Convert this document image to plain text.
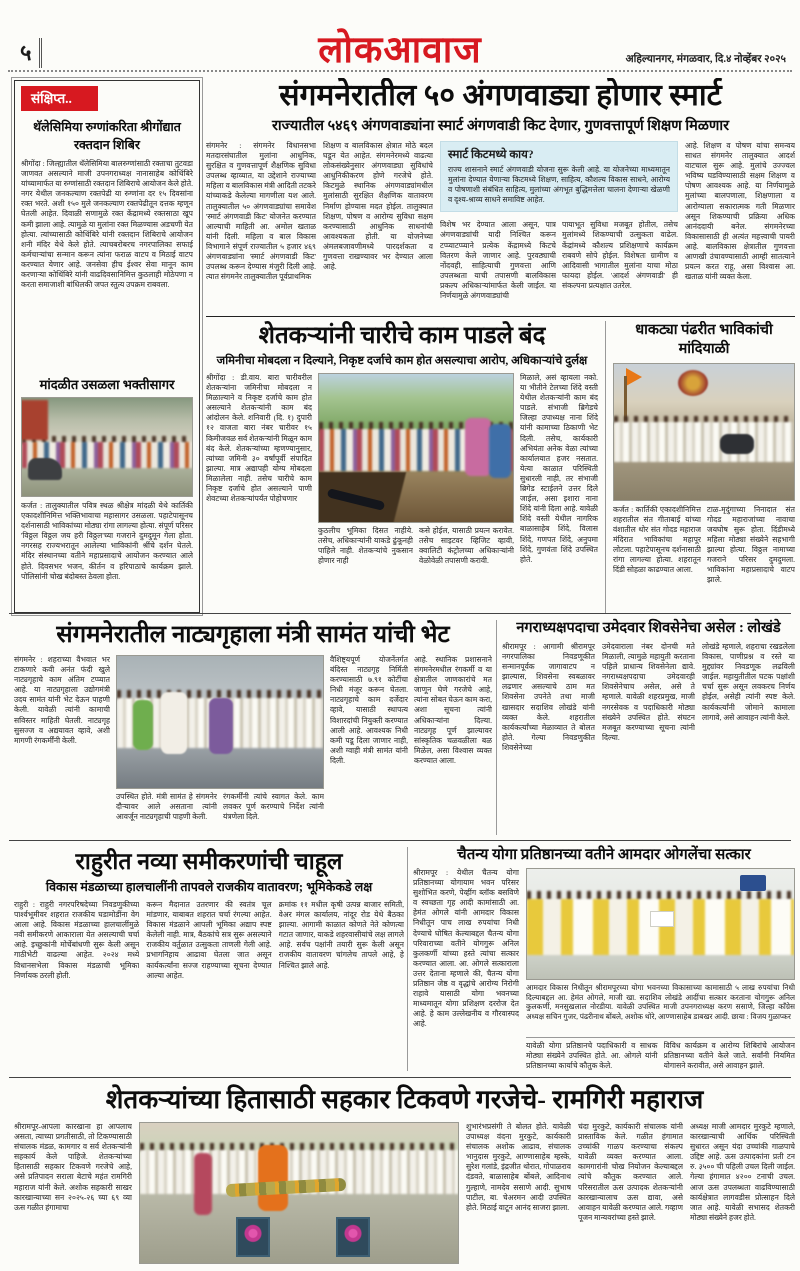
५	लोकआवाज	अहिल्यानगर, मंगळवार, दि.४ नोव्हेंबर २०२५
संक्षिप्त..
थॅलेसिमिया रुग्णांकरिता श्रीगोंद्यात रक्तदान शिबिर
श्रीगोंदा : जिल्ह्यातील थॅलेसिमिया बालरुग्णांसाठी रक्ताचा तुटवडा जाणवत असल्याने माजी उपनगराध्यक्ष नानासाहेब कोथिंबिरे यांच्यामार्फत या रुग्णांसाठी रक्तदान शिबिराचे आयोजन केले होते. नगर येथील जनकल्याण रक्तपेढी या रुग्णांना दर १५ दिवसांना रक्त भरते. अशी १५० मुले जनकल्याण रक्तपेढीतून दत्तक म्हणून घेतली आहेत. दिवाळी सणामुळे रक्त केंद्रामध्ये रक्तसाठा खूप कमी झाला आहे. त्यामुळे या मुलांना रक्त मिळण्यास अडचणी येत होत्या. त्यांच्यासाठी कोथिंबिरे यांनी रक्तदान शिबिराचे आयोजन शनी मंदिर येथे केले होते. त्याचबरोबरच नगरपालिका सफाई कर्मचाऱ्यांचा सन्मान करून त्यांना फराळ वाटप व मिठाई वाटप करण्यात येणार आहे. जनसेवा हीच ईश्वर सेवा मानून काम करणाऱ्या कोथिंबिरे यांनी वाढदिवसानिमित्त कुठलाही मोठेपणा न करता समाजाशी बांधिलकी जपत स्तुत्य उपक्रम राबवला.
मांदळीत उसळला भक्तीसागर
कर्जत : तालुक्यातील पवित्र स्थळ श्रीक्षेत्र मांदळी येथे कार्तिकी एकादशीनिमित्त भक्तिभावाचा महासागर उसळला. पहाटेपासूनच दर्शनासाठी भाविकांच्या मोठ्या रांगा लागल्या होत्या. संपूर्ण परिसर 'विठ्ठल विठ्ठल जय हरी विठ्ठल'च्या गजराने दुमदुमून गेला होता. नगरसह राज्यभरातून आलेल्या भाविकांनी श्रींचे दर्शन घेतले. मंदिर संस्थानच्या वतीने महाप्रसादाचे आयोजन करण्यात आले होते. दिवसभर भजन, कीर्तन व हरिपाठाचे कार्यक्रम झाले. पोलिसांनी चोख बंदोबस्त ठेवला होता.
संगमनेरातील ५० अंगणवाड्या होणार स्मार्ट
राज्यातील ५४६९ अंगणवाड्यांना स्मार्ट अंगणवाडी किट देणार, गुणवत्तापूर्ण शिक्षण मिळणार
संगमनेर : संगमनेर विधानसभा मतदारसंघातील मुलांना आधुनिक, सुरक्षित व गुणवत्तापूर्ण शैक्षणिक सुविधा उपलब्ध व्हाव्यात, या उद्देशाने राज्याच्या महिला व बालविकास मंत्री आदिती तटकरे यांच्याकडे केलेल्या मागणीला यश आले. तालुक्यातील ५० अंगणवाड्यांचा समावेश 'स्मार्ट अंगणवाडी किट' योजनेत करण्यात आल्याची माहिती आ. अमोल खताळ यांनी दिली. महिला व बाल विकास विभागाने संपूर्ण राज्यातील ५ हजार ४६९ अंगणवाड्यांना 'स्मार्ट अंगणवाडी किट' उपलब्ध करून देण्यास मंजुरी दिली आहे. त्यात संगमनेर तालुक्यातील पूर्वप्राथमिक
शिक्षण व बालविकास क्षेत्रात मोठे बदल घडून येत आहेत. संगमनेरमध्ये वाढत्या लोकसंख्येनुसार अंगणवाड्या सुविधांचे आधुनिकीकरण होणे गरजेचे होते. किटमुळे स्थानिक अंगणवाड्यांमधील मुलांसाठी सुरक्षित शैक्षणिक वातावरण निर्माण होण्यास मदत होईल. तालुक्यात शिक्षण, पोषण व आरोग्य सुविधा सक्षम करण्यासाठी आधुनिक साधनांची आवश्यकता होती. या योजनेच्या अंमलबजावणीमध्ये पारदर्शकता व गुणवत्ता राखण्यावर भर देण्यात आला आहे.
स्मार्ट किटमध्ये काय?
राज्य शासनाने स्मार्ट अंगणवाडी योजना सुरू केली आहे. या योजनेच्या माध्यमातून मुलांना देण्यात येणाऱ्या किटमध्ये शिक्षण, साहित्य, कौशल्य विकास साधने, आरोग्य व पोषणाशी संबंधित साहित्य, मुलांच्या अंगभूत बुद्धिमत्तेला चालना देणाऱ्या खेळणी व दृश्य-श्राव्य साधने समाविष्ट आहेत.
विशेष भर देण्यात आला असून, पात्र अंगणवाड्यांची यादी निश्चित करून टप्प्याटप्प्याने प्रत्येक केंद्रामध्ये किटचे वितरण केले जाणार आहे. पुरवठ्याची नोंदवही, साहित्याची गुणवत्ता आणि उपलब्धता याची तपासणी बालविकास प्रकल्प अधिकाऱ्यांमार्फत केली जाईल. या निर्णयामुळे अंगणवाड्यांची
पायाभूत सुविधा मजबूत होतील, तसेच मुलांमध्ये शिकण्याची उत्सुकता वाढेल. केंद्रांमध्ये कौशल्य प्रशिक्षणाचे कार्यक्रम राबवणे सोपे होईल. विशेषतः ग्रामीण व आदिवासी भागातील मुलांना याचा मोठा फायदा होईल. 'आदर्श अंगणवाडी' ही संकल्पना प्रत्यक्षात उतरेल.
आहे. शिक्षण व पोषण यांचा समन्वय साधत संगमनेर तालुक्यात आदर्श वाटचाल सुरू आहे. मुलांचे उज्ज्वल भविष्य घडविण्यासाठी सक्षम शिक्षण व पोषण आवश्यक आहे. या निर्णयामुळे मुलांच्या बालपणाला, शिक्षणाला व आरोग्याला सकारात्मक गती मिळणार असून शिकण्याची प्रक्रिया अधिक आनंददायी बनेल. संगमनेरच्या विकासासाठी ही अत्यंत महत्त्वाची पायरी आहे. बालविकास क्षेत्रातील गुणवत्ता आणखी उंचावण्यासाठी आम्ही सातत्याने प्रयत्न करत राहू, असा विश्वास आ. खताळ यांनी व्यक्त केला.
शेतकऱ्यांनी चारीचे काम पाडले बंद
जमिनीचा मोबदला न दिल्याने, निकृष्ट दर्जाचे काम होत असल्याचा आरोप, अधिकाऱ्यांचे दुर्लक्ष
श्रीगोंदा : डी.वाय. बारा चारीवरील शेतकऱ्यांना जमिनीचा मोबदला न मिळाल्याने व निकृष्ट दर्जाचे काम होत असल्याने शेतकऱ्यांनी काम बंद आंदोलन केले. शनिवारी (दि. १) दुपारी १२ वाजता बारा नंबर चारीवर १५ किमीजवळ सर्व शेतकऱ्यांनी मिळून काम बंद केले. शेतकऱ्यांच्या म्हणण्यानुसार, त्यांच्या जमिनी ३० वर्षांपूर्वी संपादित झाल्या. मात्र अद्यापही योग्य मोबदला मिळालेला नाही. तसेच चारीचे काम निकृष्ट दर्जाचे होत असल्याने पाणी शेवटच्या शेतकऱ्यांपर्यंत पोहोचणार
कुठलीच भूमिका दिसत नाहीये. तसेच, अधिकाऱ्यांनी याकडे ढुंकूनही पाहिले नाही. शेतकऱ्यांचे नुकसान होणार नाही
कसे होईल, यासाठी प्रयत्न करावेत. तसेच साइटवर व्हिजिट व्हावी, क्वालिटी कंट्रोलच्या अधिकाऱ्यांनी वेळोवेळी तपासणी करावी.
मिळाले, असं व्हायला नको. या भीतीने टेलच्या शिंदे वस्ती येथील शेतकऱ्यांनी काम बंद पाडले. संभाजी ब्रिगेडचे जिल्हा उपाध्यक्ष नाना शिंदे यांनी कामाच्या ठिकाणी भेट दिली. तसेच, कार्यकारी अभियंता अनेक वेळा त्यांच्या कार्यालयात हजर नसतात. येत्या काळात परिस्थिती सुधारली नाही, तर संभाजी ब्रिगेड स्टाईलने उत्तर दिले जाईल, असा इशारा नाना शिंदे यांनी दिला आहे. यावेळी शिंदे वस्ती येथील नागरिक बाळासाहेब शिंदे, विलास शिंदे, गणपत शिंदे, अनुपमा शिंदे, गुणवंता शिंदे उपस्थित होते.
धाकट्या पंढरीत भाविकांची मांदियाळी
कर्जत : कार्तिकी एकादशीनिमित्त शहरातील संत गीताबाई यांच्या वंशातील थोर संत गोदड महाराज मंदिरात भाविकांचा महापूर लोटला. पहाटेपासूनच दर्शनासाठी रांगा लागल्या होत्या. शहरातून दिंडी सोहळा काढण्यात आला.
टाळ-मृदुंगाच्या निनादात संत गोदड महाराजांच्या नावाचा जयघोष सुरू होता. दिंडीमध्ये महिला मोठ्या संख्येने सहभागी झाल्या होत्या. विठ्ठल नामाच्या गजराने परिसर दुमदुमला. भाविकांना महाप्रसादाचे वाटप झाले.
संगमनेरातील नाट्यगृहाला मंत्री सामंत यांची भेट
संगमनेर : शहराच्या वैभवात भर टाकणारे कवी अनंत फंदी खुले नाट्यगृहाचे काम अंतिम टप्प्यात आहे. या नाट्यगृहाला उद्योगमंत्री उदय सामंत यांनी भेट देऊन पाहणी केली. यावेळी त्यांनी कामाची सविस्तर माहिती घेतली. नाट्यगृह सुसज्ज व अद्ययावत व्हावे, अशी मागणी रंगकर्मींनी केली.
उपस्थित होते. मंत्री सामंत हे संगमनेर दौऱ्यावर आले असताना त्यांनी आवर्जून नाट्यगृहाची पाहणी केली.
रंगकर्मींनी त्यांचे स्वागत केले. काम लवकर पूर्ण करण्याचे निर्देश त्यांनी यंत्रणेला दिले.
वैशिष्ट्यपूर्ण योजनेंतर्गत बंदिस्त नाट्यगृह निर्मिती करण्यासाठी ७.९१ कोटींचा निधी मंजूर करून घेतला. नाट्यगृहाचे काम दर्जेदार व्हावे, यासाठी स्थापत्य विशारदांची नियुक्ती करण्यात आली आहे. आवश्यक निधी कमी पडू दिला जाणार नाही, अशी ग्वाही मंत्री सामंत यांनी दिली.
आहे. स्थानिक प्रशासनाने संगमनेरमधील रंगकर्मी व या क्षेत्रातील जाणकारांचे मत जाणून घेणे गरजेचे आहे, त्यांना सोबत घेऊन काम करा, अशा सूचना त्यांनी अधिकाऱ्यांना दिल्या. नाट्यगृह पूर्ण झाल्यावर सांस्कृतिक चळवळीला बळ मिळेल, असा विश्वास व्यक्त करण्यात आला.
नगराध्यक्षपदाचा उमेदवार शिवसेनेचा असेल : लोखंडे
श्रीरामपूर : आगामी श्रीरामपूर नगरपालिका निवडणूकीत सन्मानपूर्वक जागावाटप न झाल्यास, शिवसेना स्वबळावर लढणार असल्याचे ठाम मत शिवसेना उपनेते तथा माजी खासदार सदाशिव लोखंडे यांनी व्यक्त केले. शहरातील कार्यकर्त्यांच्या मेळाव्यात ते बोलत होते. गेल्या निवडणुकीत शिवसेनेच्या
उमेदवाराला नंबर दोनची मते मिळाली, त्यामुळे महायुती करताना पहिले प्राधान्य शिवसेनेला द्यावे. नगराध्यक्षपदाचा उमेदवारही शिवसेनेचाच असेल, असे ते म्हणाले. यावेळी शहरप्रमुख, माजी नगरसेवक व पदाधिकारी मोठ्या संख्येने उपस्थित होते. संघटन मजबूत करण्याच्या सूचना त्यांनी दिल्या.
लोखंडे म्हणाले, शहराचा रखडलेला विकास, पाणीप्रश्न व रस्ते या मुद्द्यांवर निवडणूक लढविली जाईल. महायुतीतील घटक पक्षांशी चर्चा सुरू असून लवकरच निर्णय होईल, असेही त्यांनी स्पष्ट केले. कार्यकर्त्यांनी जोमाने कामाला लागावे, असे आवाहन त्यांनी केले.
राहुरीत नव्या समीकरणांची चाहूल
विकास मंडळाच्या हालचालींनी तापवले राजकीय वातावरण; भूमिकेकडे लक्ष
राहुरी : राहुरी नगरपरिषदेच्या निवडणुकीच्या पार्श्वभूमीवर शहरात राजकीय घडामोडींना वेग आला आहे. विकास मंडळाच्या हालचालींमुळे नवी समीकरणे आकाराला येत असल्याची चर्चा आहे. इच्छुकांनी मोर्चेबांधणी सुरू केली असून गाठीभेटी वाढल्या आहेत. २०२४ मध्ये विधानसभेला विकास मंडळाची भूमिका निर्णायक ठरली होती.
करून मैदानात उतरणार की स्वतंत्र चूल मांडणार, याबाबत शहरात चर्चा रंगल्या आहेत. विकास मंडळाने आपली भूमिका अद्याप स्पष्ट केलेली नाही. मात्र, बैठकांचे सत्र सुरू असल्याने राजकीय वर्तुळात उत्सुकता ताणली गेली आहे. प्रभागनिहाय आढावा घेतला जात असून कार्यकर्त्यांना सज्ज राहण्याच्या सूचना देण्यात आल्या आहेत.
क्रमांक ११ मधील कृषी उत्पन्न बाजार समिती, वेअर मंगल कार्यालय, नांदूर रोड येथे बैठका झाल्या. आगामी काळात कोणते नेते कोणत्या गटात जाणार, याकडे शहरवासीयांचे लक्ष लागले आहे. सर्वच पक्षांनी तयारी सुरू केली असून राजकीय वातावरण चांगलेच तापले आहे, हे निश्चित झाले आहे.
चैतन्य योगा प्रतिष्ठानच्या वतीने आमदार ओगलेंचा सत्कार
श्रीरामपूर : येथील चैतन्य योगा प्रतिष्ठानच्या योगायाम भवन परिसर सुशोभित करणे, पेव्हींग ब्लॉक बसविणे व स्वच्छता गृह आदी कामांसाठी आ. हेमंत ओगले यांनी आमदार विकास निधीतून पाच लाख रुपयांचा निधी देण्याचे घोषित केल्याबद्दल चैतन्य योगा परिवाराच्या वतीने योगगुरू अनिल कुलकर्णी यांच्या हस्ते त्यांचा सत्कार करण्यात आला. आ. ओगले सत्काराला उत्तर देताना म्हणाले की, चैतन्य योगा प्रतिष्ठान जेष्ठ व वृद्धांचे आरोग्य निरोगी राहावे यासाठी योगा भवनच्या माध्यमातून योगा प्रशिक्षण दररोज देत आहे. हे काम उल्लेखनीय व गौरवास्पद आहे.
आमदार विकास निधीतून श्रीरामपूरच्या योगा भवनच्या विकासाच्या कामासाठी ५ लाख रुपयांचा निधी दिल्याबद्दल आ. हेमंत ओगले, माजी खा. सदाशिव लोखंडे आदींचा सत्कार करताना योगगुरू अनिल कुलकर्णी, मनसुखलाल नोरडीया. यावेळी उपस्थित माजी उपनगराध्यक्ष करण ससाणे, जिल्हा काँग्रेस अध्यक्ष सचिन गुजर, पंढरीनाथ बोंबले, अशोक थोरे, आण्णासाहेब डाबखर आदी. छाया : विजय गुळाप्कर
यावेळी योगा प्रतिष्ठानचे पदाधिकारी व साधक मोठ्या संख्येने उपस्थित होते. आ. ओगले यांनी प्रतिष्ठानच्या कार्याचे कौतुक केले.
विविध कार्यक्रम व आरोग्य शिबिरांचे आयोजन प्रतिष्ठानच्या वतीने केले जाते. सर्वांनी नियमित योगासने करावीत, असे आवाहन झाले.
शेतकऱ्यांच्या हितासाठी सहकार टिकवणे गरजेचे- रामगिरी महाराज
श्रीरामपूर-आपला कारखाना हा आपलाच असता, त्याच्या प्रगतीसाठी, तो टिकण्यासाठी संचालक मंडळ, कामगार व सर्व शेतकऱ्यांनी सहकार्य केले पाहिजे. शेतकऱ्यांच्या हितासाठी सहकार टिकवणे गरजेचे आहे, असे प्रतिपादन सराला बेटाचे महंत रामगिरी महाराज यांनी केले. अशोक सहकारी साखर कारखान्याच्या सन २०२५-२६ च्या ६९ व्या ऊस गळीत हंगामाचा
शुभारंभप्रसंगी ते बोलत होते. यावेळी उपाध्यक्ष वंदना मुरकुटे, कार्यकारी संचालक अशोक आढाव, संचालक भानुदास मुरकुटे, आण्णासाहेब म्हस्के, सुरेश गलांडे, इंद्रजीत थोरात, गोपाळराव दंडवते, बाळासाहेब बोंबले, आदिनाथ गुल्हाणे, नामदेव ससाणे आदी. सुभाष पाटील, बा. चेअरमन आदी उपस्थित होते. मिठाई वाटून आनंद साजरा झाला.
चंदा मुरकुटे, कार्यकारी संचालक यांनी प्रास्ताविक केले. गळीत हंगामात उच्चांकी गाळप करण्याचा संकल्प यावेळी व्यक्त करण्यात आला. कामगारांनी चोख नियोजन केल्याबद्दल त्यांचे कौतुक करण्यात आले. परिसरातील ऊस उत्पादक शेतकऱ्यांनी कारखान्यालाच ऊस द्यावा, असे आवाहन यावेळी करण्यात आले. गव्हाण पूजन मान्यवरांच्या हस्ते झाले.
अध्यक्ष माजी आमदार मुरकुटे म्हणाले, कारखान्याची आर्थिक परिस्थिती सुधारत असून यंदा उच्चांकी गाळपाचे उद्दिष्ट आहे. ऊस उत्पादकांना प्रती टन रु. ३५०० ची पहिली उचल दिली जाईल. गेल्या हंगामात ४२०० टनाची उचल. आज ऊस उपलब्धता वाढविण्यासाठी कार्यक्षेत्रात लागवडीस प्रोत्साहन दिले जात आहे. यावेळी सभासद शेतकरी मोठ्या संख्येने हजर होते.
